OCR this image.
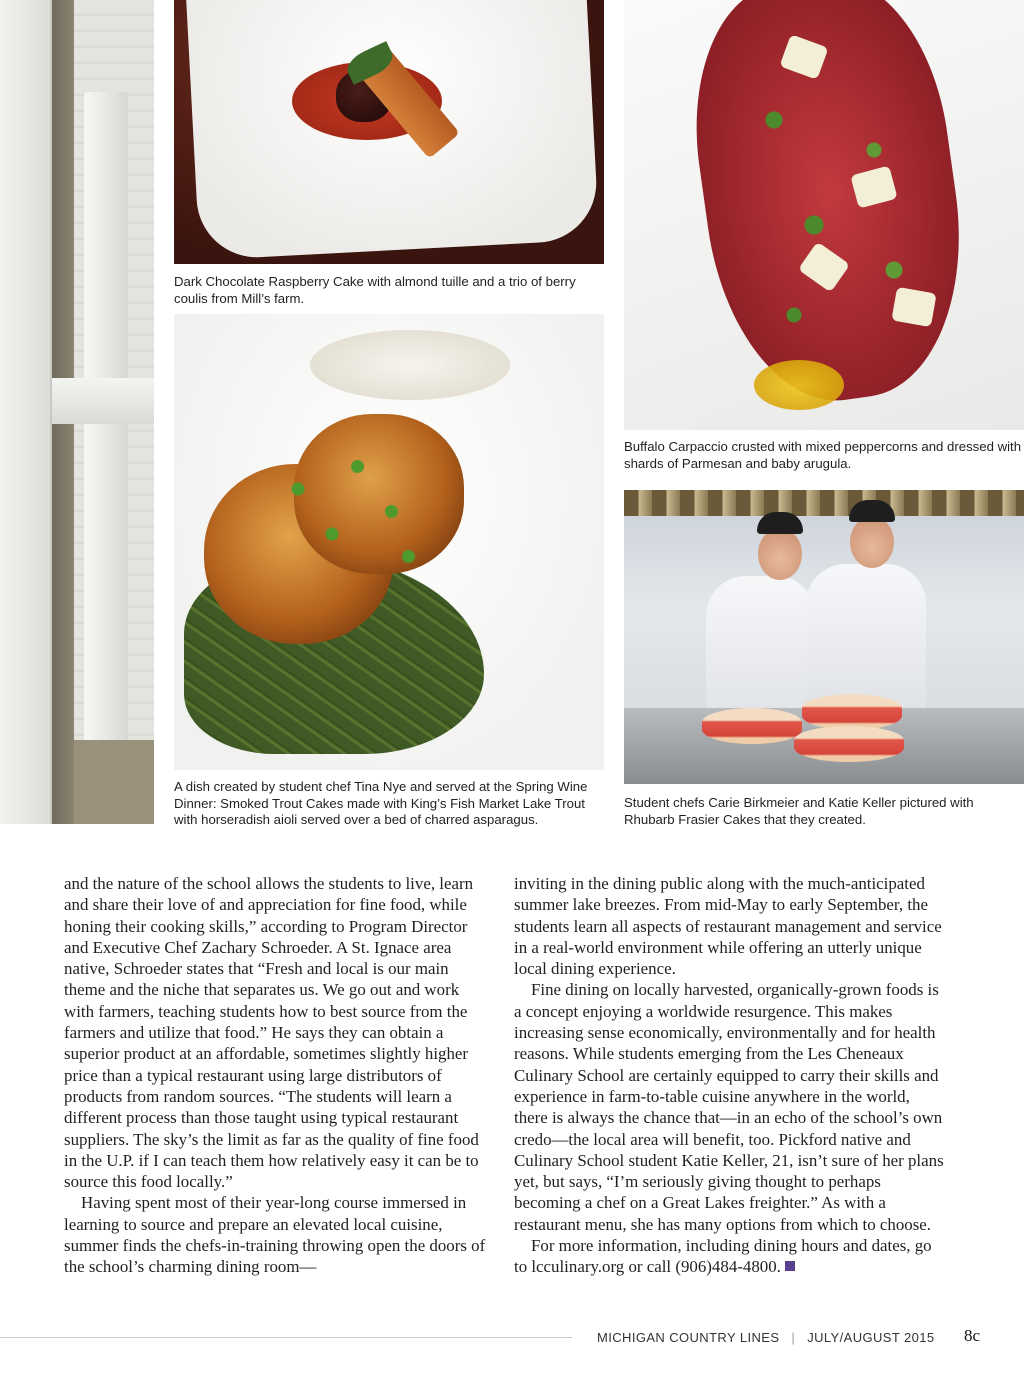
Dark Chocolate Raspberry Cake with almond tuille and a trio of berry coulis from Mill’s farm.
Buffalo Carpaccio crusted with mixed peppercorns and dressed with shards of Parmesan and baby arugula.
A dish created by student chef Tina Nye and served at the Spring Wine Dinner: Smoked Trout Cakes made with King’s Fish Market Lake Trout with horseradish aioli served over a bed of charred asparagus.
Student chefs Carie Birkmeier and Katie Keller pictured with Rhubarb Frasier Cakes that they created.

and the nature of the school allows the students to live, learn and share their love of and appreciation for fine food, while honing their cooking skills,” according to Program Director and Executive Chef Zachary Schroeder. A St. Ignace area native, Schroeder states that “Fresh and local is our main theme and the niche that separates us. We go out and work with farmers, teaching students how to best source from the farmers and utilize that food.” He says they can obtain a superior product at an affordable, sometimes slightly higher price than a typical restaurant using large distributors of products from random sources. “The students will learn a different process than those taught using typical restaurant suppliers. The sky’s the limit as far as the quality of fine food in the U.P. if I can teach them how relatively easy it can be to source this food locally.”

Having spent most of their year-long course immersed in learning to source and prepare an elevated local cuisine, summer finds the chefs-in-training throwing open the doors of the school’s charming dining room—

inviting in the dining public along with the much-anticipated summer lake breezes. From mid-May to early September, the students learn all aspects of restaurant management and service in a real-world environment while offering an utterly unique local dining experience.

Fine dining on locally harvested, organically-grown foods is a concept enjoying a worldwide resurgence. This makes increasing sense economically, environmentally and for health reasons. While students emerging from the Les Cheneaux Culinary School are certainly equipped to carry their skills and experience in farm-to-table cuisine anywhere in the world, there is always the chance that—in an echo of the school’s own credo—the local area will benefit, too. Pickford native and Culinary School student Katie Keller, 21, isn’t sure of her plans yet, but says, “I’m seriously giving thought to perhaps becoming a chef on a Great Lakes freighter.” As with a restaurant menu, she has many options from which to choose.

For more information, including dining hours and dates, go to lcculinary.org or call (906)484-4800.

MICHIGAN COUNTRY LINES | JULY/AUGUST 2015 8c
